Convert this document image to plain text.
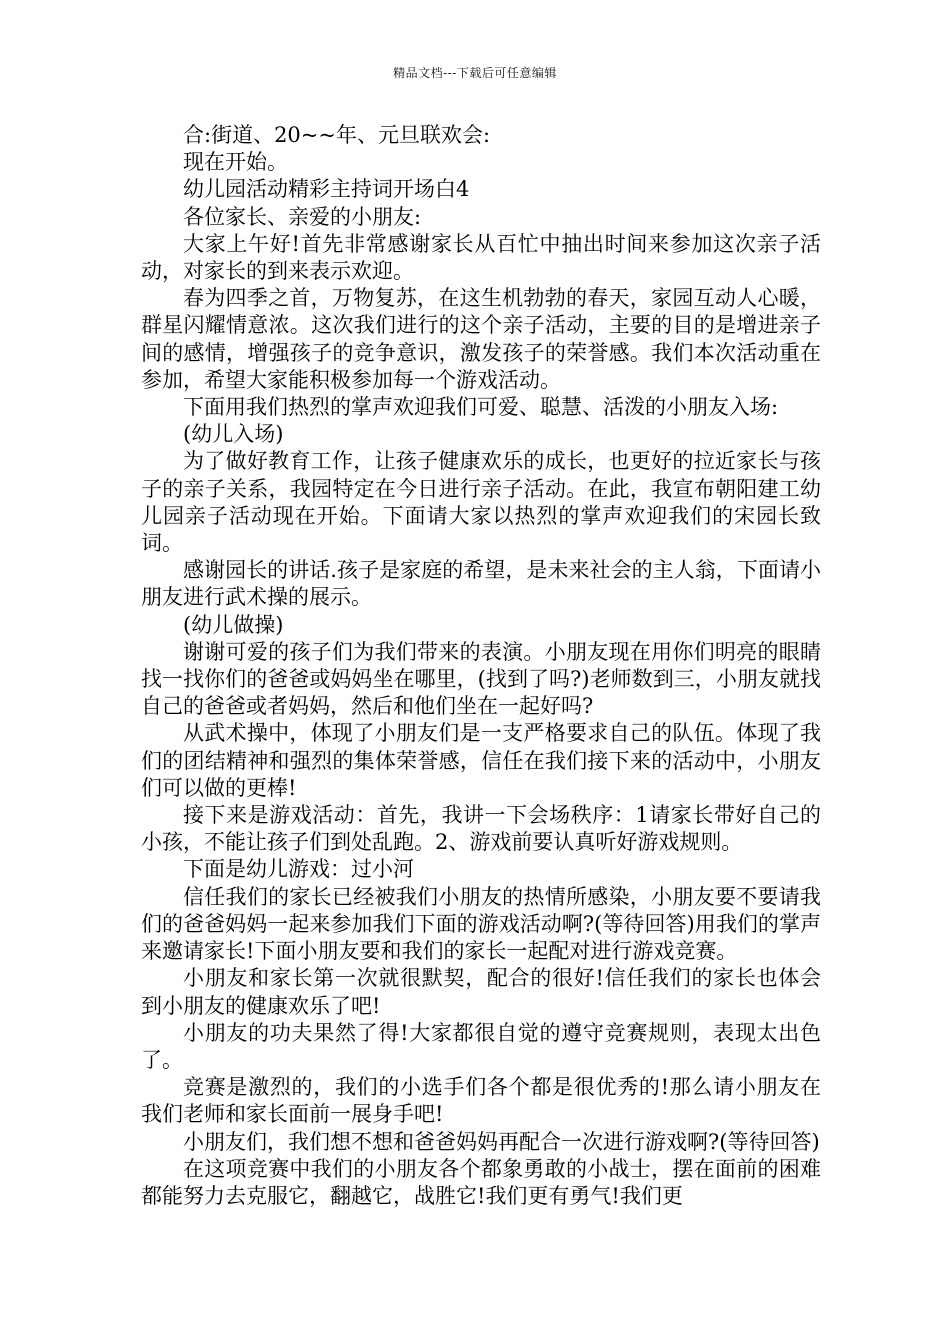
精品文档---下载后可任意编辑

合:街道、20~~年、元旦联欢会:

现在开始。

幼儿园活动精彩主持词开场白4

各位家长、亲爱的小朋友:

大家上午好!首先非常感谢家长从百忙中抽出时间来参加这次亲子活动，对家长的到来表示欢迎。

春为四季之首，万物复苏，在这生机勃勃的春天，家园互动人心暖，群星闪耀情意浓。这次我们进行的这个亲子活动，主要的目的是增进亲子间的感情，增强孩子的竞争意识，激发孩子的荣誉感。我们本次活动重在参加，希望大家能积极参加每一个游戏活动。

下面用我们热烈的掌声欢迎我们可爱、聪慧、活泼的小朋友入场:

(幼儿入场)

为了做好教育工作，让孩子健康欢乐的成长，也更好的拉近家长与孩子的亲子关系，我园特定在今日进行亲子活动。在此，我宣布朝阳建工幼儿园亲子活动现在开始。下面请大家以热烈的掌声欢迎我们的宋园长致词。

感谢园长的讲话.孩子是家庭的希望，是未来社会的主人翁，下面请小朋友进行武术操的展示。

(幼儿做操)

谢谢可爱的孩子们为我们带来的表演。小朋友现在用你们明亮的眼睛找一找你们的爸爸或妈妈坐在哪里，(找到了吗?)老师数到三，小朋友就找自己的爸爸或者妈妈，然后和他们坐在一起好吗?

从武术操中，体现了小朋友们是一支严格要求自己的队伍。体现了我们的团结精神和强烈的集体荣誉感，信任在我们接下来的活动中，小朋友们可以做的更棒!

接下来是游戏活动：首先，我讲一下会场秩序：1请家长带好自己的小孩，不能让孩子们到处乱跑。2、游戏前要认真听好游戏规则。

下面是幼儿游戏：过小河

信任我们的家长已经被我们小朋友的热情所感染，小朋友要不要请我们的爸爸妈妈一起来参加我们下面的游戏活动啊?(等待回答)用我们的掌声来邀请家长!下面小朋友要和我们的家长一起配对进行游戏竞赛。

小朋友和家长第一次就很默契，配合的很好!信任我们的家长也体会到小朋友的健康欢乐了吧!

小朋友的功夫果然了得!大家都很自觉的遵守竞赛规则，表现太出色了。

竞赛是激烈的，我们的小选手们各个都是很优秀的!那么请小朋友在我们老师和家长面前一展身手吧!

小朋友们，我们想不想和爸爸妈妈再配合一次进行游戏啊?(等待回答)

在这项竞赛中我们的小朋友各个都象勇敢的小战士，摆在面前的困难都能努力去克服它，翻越它，战胜它!我们更有勇气!我们更
